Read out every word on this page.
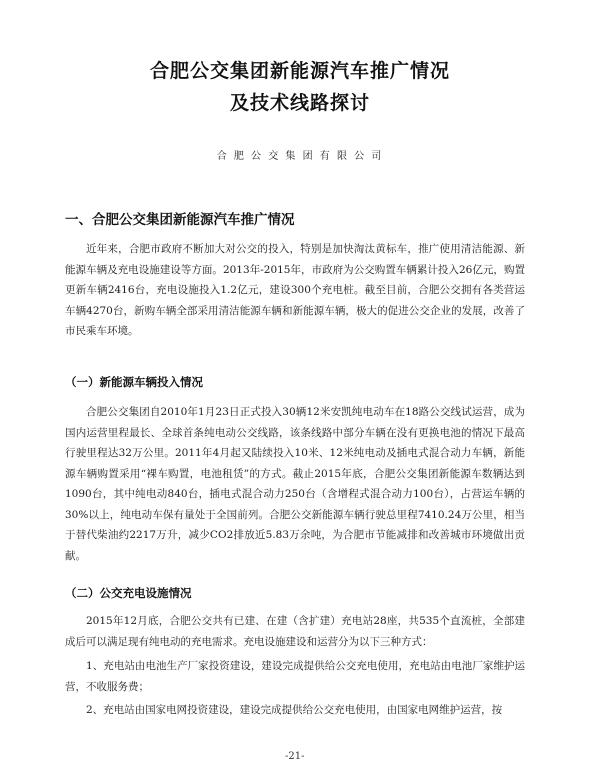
合肥公交集团新能源汽车推广情况
及技术线路探讨
合 肥 公 交 集 团 有 限 公 司
一、合肥公交集团新能源汽车推广情况

近年来，合肥市政府不断加大对公交的投入，特别是加快淘汰黄标车，推广使用清洁能源、新能源车辆及充电设施建设等方面。2013年-2015年，市政府为公交购置车辆累计投入26亿元，购置更新车辆2416台，充电设施投入1.2亿元，建设300个充电桩。截至目前，合肥公交拥有各类营运车辆4270台，新购车辆全部采用清洁能源车辆和新能源车辆，极大的促进公交企业的发展，改善了市民乘车环境。

（一）新能源车辆投入情况

合肥公交集团自2010年1月23日正式投入30辆12米安凯纯电动车在18路公交线试运营，成为国内运营里程最长、全球首条纯电动公交线路，该条线路中部分车辆在没有更换电池的情况下最高行驶里程达32万公里。2011年4月起又陆续投入10米、12米纯电动及插电式混合动力车辆，新能源车辆购置采用“裸车购置，电池租赁”的方式。截止2015年底，合肥公交集团新能源车数辆达到1090台，其中纯电动840台，插电式混合动力250台（含增程式混合动力100台），占营运车辆的30%以上，纯电动车保有量处于全国前列。合肥公交新能源车辆行驶总里程7410.24万公里，相当于替代柴油约2217万升，减少CO2排放近5.83万余吨，为合肥市节能减排和改善城市环境做出贡献。

（二）公交充电设施情况

2015年12月底，合肥公交共有已建、在建（含扩建）充电站28座，共535个直流桩，全部建成后可以满足现有纯电动的充电需求。充电设施建设和运营分为以下三种方式：

1、充电站由电池生产厂家投资建设，建设完成提供给公交充电使用，充电站由电池厂家维护运营，不收服务费；

2、充电站由国家电网投资建设，建设完成提供给公交充电使用，由国家电网维护运营，按

-21-
